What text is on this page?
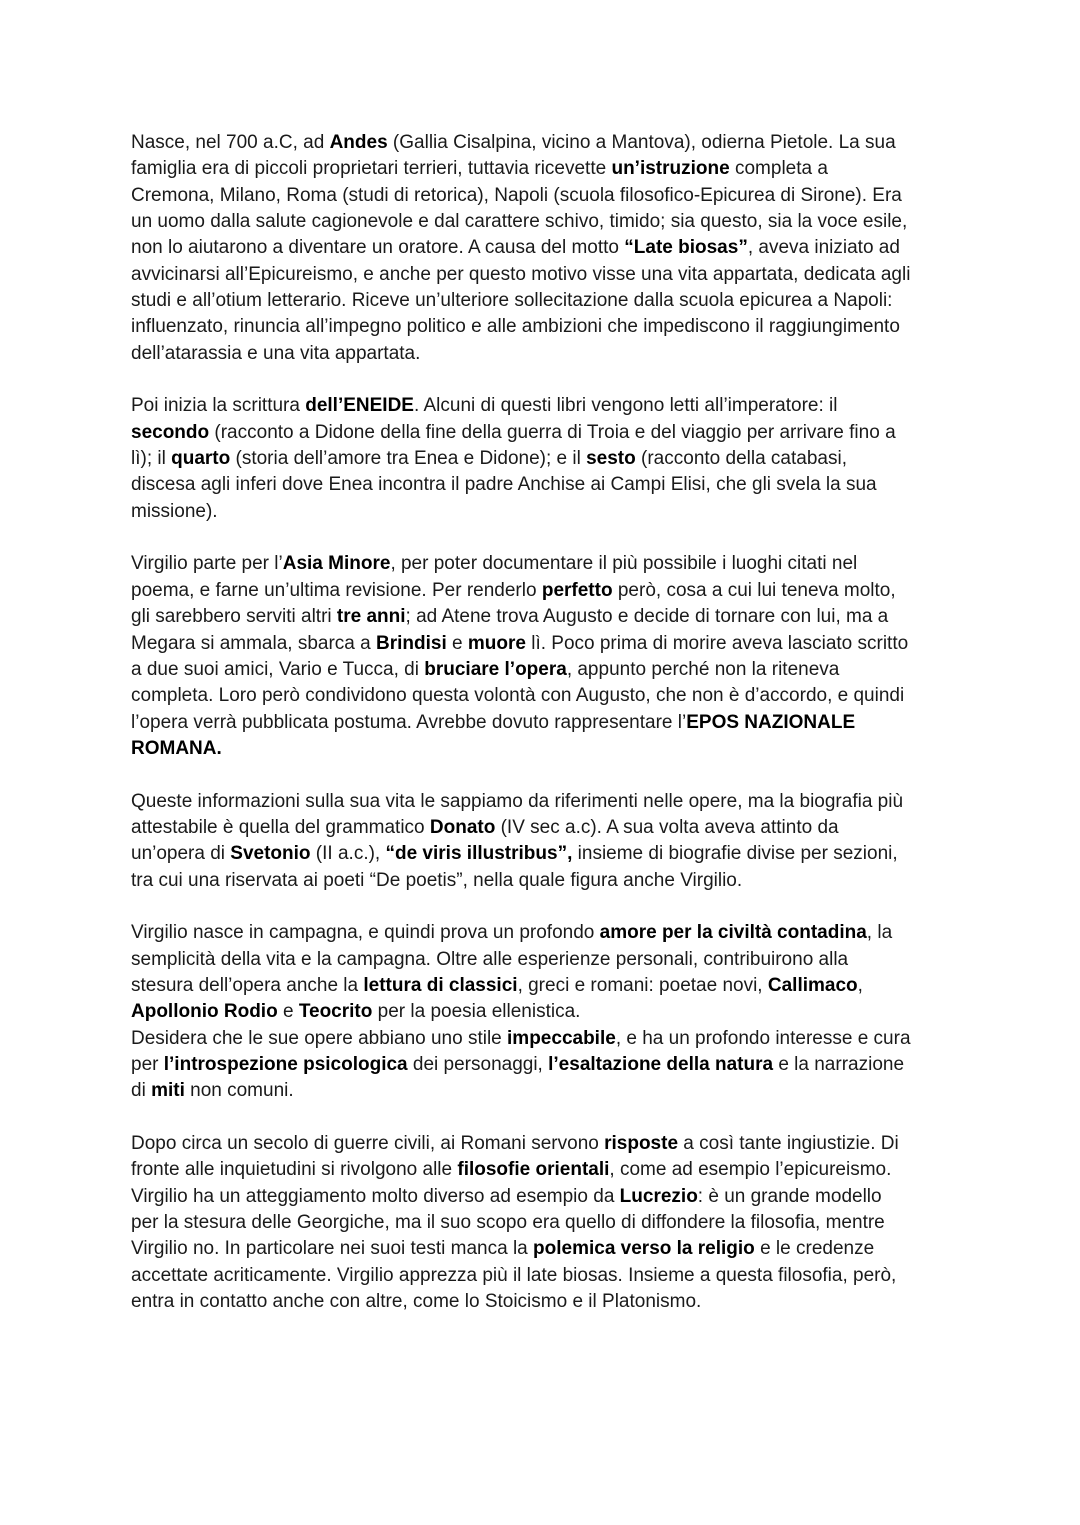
Nasce, nel 700 a.C, ad Andes (Gallia Cisalpina, vicino a Mantova), odierna Pietole. La sua
famiglia era di piccoli proprietari terrieri, tuttavia ricevette un’istruzione completa a
Cremona, Milano, Roma (studi di retorica), Napoli (scuola filosofico-Epicurea di Sirone). Era
un uomo dalla salute cagionevole e dal carattere schivo, timido; sia questo, sia la voce esile,
non lo aiutarono a diventare un oratore. A causa del motto “Late biosas”, aveva iniziato ad
avvicinarsi all’Epicureismo, e anche per questo motivo visse una vita appartata, dedicata agli
studi e all’otium letterario. Riceve un’ulteriore sollecitazione dalla scuola epicurea a Napoli:
influenzato, rinuncia all’impegno politico e alle ambizioni che impediscono il raggiungimento
dell’atarassia e una vita appartata.
Poi inizia la scrittura dell’ENEIDE. Alcuni di questi libri vengono letti all’imperatore: il
secondo (racconto a Didone della fine della guerra di Troia e del viaggio per arrivare fino a
lì); il quarto (storia dell’amore tra Enea e Didone); e il sesto (racconto della catabasi,
discesa agli inferi dove Enea incontra il padre Anchise ai Campi Elisi, che gli svela la sua
missione).
Virgilio parte per l’Asia Minore, per poter documentare il più possibile i luoghi citati nel
poema, e farne un’ultima revisione. Per renderlo perfetto però, cosa a cui lui teneva molto,
gli sarebbero serviti altri tre anni; ad Atene trova Augusto e decide di tornare con lui, ma a
Megara si ammala, sbarca a Brindisi e muore lì. Poco prima di morire aveva lasciato scritto
a due suoi amici, Vario e Tucca, di bruciare l’opera, appunto perché non la riteneva
completa. Loro però condividono questa volontà con Augusto, che non è d’accordo, e quindi
l’opera verrà pubblicata postuma. Avrebbe dovuto rappresentare l’EPOS NAZIONALE
ROMANA.
Queste informazioni sulla sua vita le sappiamo da riferimenti nelle opere, ma la biografia più
attestabile è quella del grammatico Donato (IV sec a.c). A sua volta aveva attinto da
un’opera di Svetonio (II a.c.), “de viris illustribus”, insieme di biografie divise per sezioni,
tra cui una riservata ai poeti “De poetis”, nella quale figura anche Virgilio.
Virgilio nasce in campagna, e quindi prova un profondo amore per la civiltà contadina, la
semplicità della vita e la campagna. Oltre alle esperienze personali, contribuirono alla
stesura dell’opera anche la lettura di classici, greci e romani: poetae novi, Callimaco,
Apollonio Rodio e Teocrito per la poesia ellenistica.
Desidera che le sue opere abbiano uno stile impeccabile, e ha un profondo interesse e cura
per l’introspezione psicologica dei personaggi, l’esaltazione della natura e la narrazione
di miti non comuni.
Dopo circa un secolo di guerre civili, ai Romani servono risposte a così tante ingiustizie. Di
fronte alle inquietudini si rivolgono alle filosofie orientali, come ad esempio l’epicureismo.
Virgilio ha un atteggiamento molto diverso ad esempio da Lucrezio: è un grande modello
per la stesura delle Georgiche, ma il suo scopo era quello di diffondere la filosofia, mentre
Virgilio no. In particolare nei suoi testi manca la polemica verso la religio e le credenze
accettate acriticamente. Virgilio apprezza più il late biosas. Insieme a questa filosofia, però,
entra in contatto anche con altre, come lo Stoicismo e il Platonismo.
